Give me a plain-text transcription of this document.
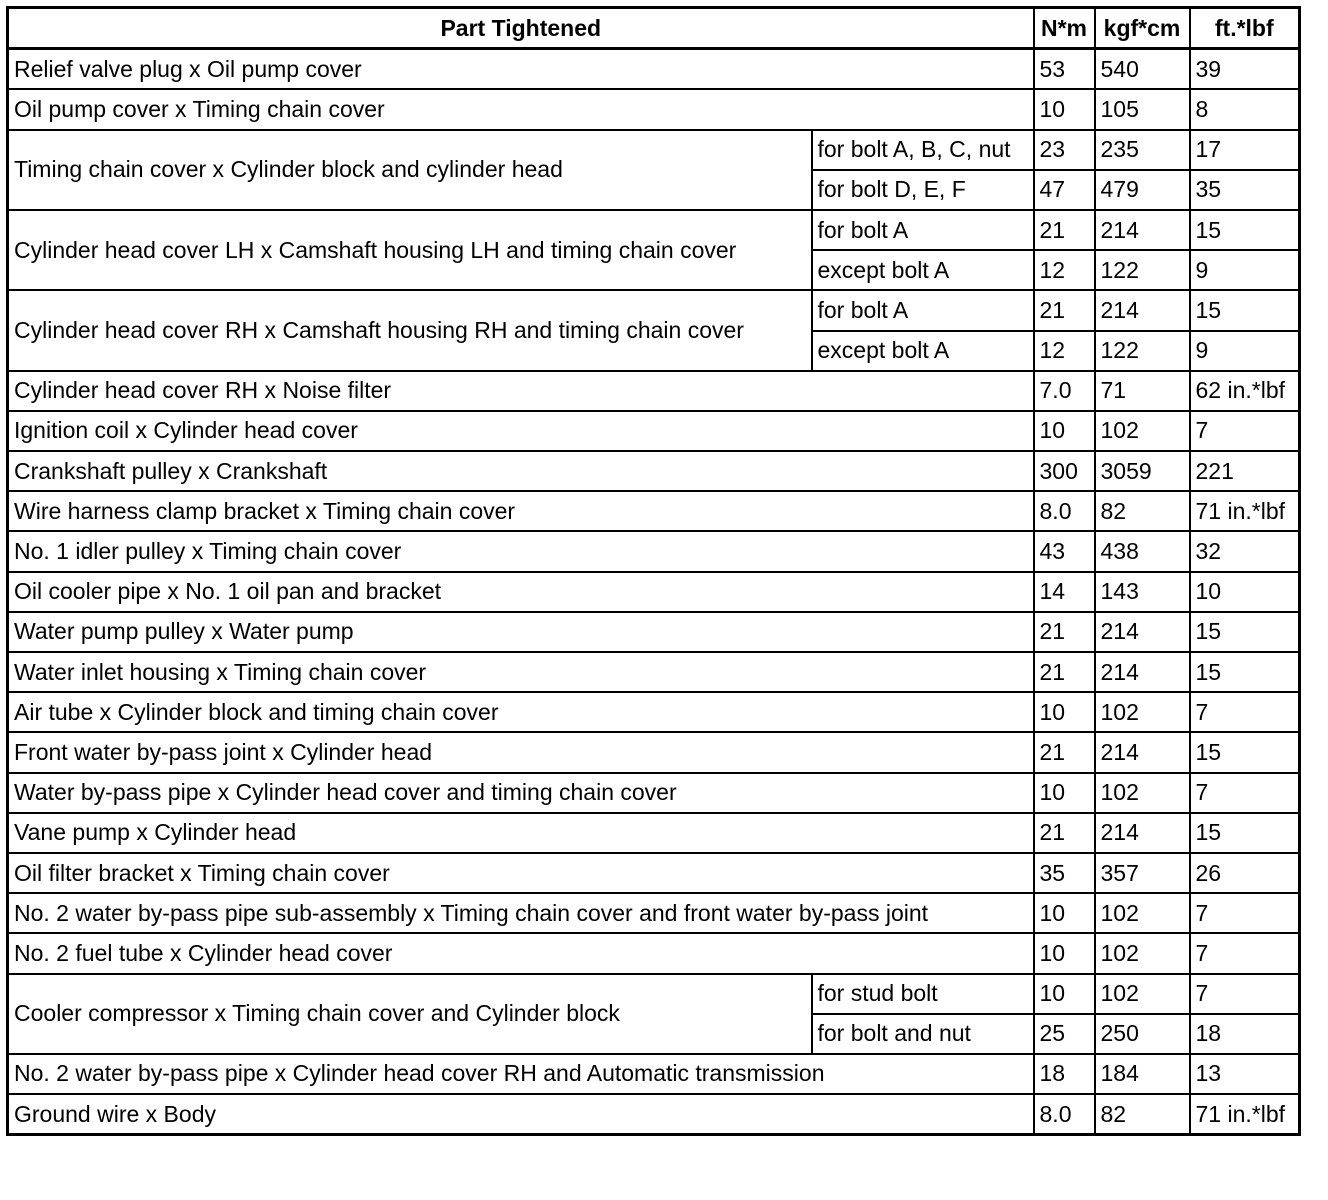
Part Tightened		N*m	kgf*cm	ft.*lbf
Relief valve plug x Oil pump cover		53	540	39
Oil pump cover x Timing chain cover		10	105	8
Timing chain cover x Cylinder block and cylinder head	for bolt A, B, C, nut	23	235	17
	for bolt D, E, F	47	479	35
Cylinder head cover LH x Camshaft housing LH and timing chain cover	for bolt A	21	214	15
	except bolt A	12	122	9
Cylinder head cover RH x Camshaft housing RH and timing chain cover	for bolt A	21	214	15
	except bolt A	12	122	9
Cylinder head cover RH x Noise filter		7.0	71	62 in.*lbf
Ignition coil x Cylinder head cover		10	102	7
Crankshaft pulley x Crankshaft		300	3059	221
Wire harness clamp bracket x Timing chain cover		8.0	82	71 in.*lbf
No. 1 idler pulley x Timing chain cover		43	438	32
Oil cooler pipe x No. 1 oil pan and bracket		14	143	10
Water pump pulley x Water pump		21	214	15
Water inlet housing x Timing chain cover		21	214	15
Air tube x Cylinder block and timing chain cover		10	102	7
Front water by-pass joint x Cylinder head		21	214	15
Water by-pass pipe x Cylinder head cover and timing chain cover		10	102	7
Vane pump x Cylinder head		21	214	15
Oil filter bracket x Timing chain cover		35	357	26
No. 2 water by-pass pipe sub-assembly x Timing chain cover and front water by-pass joint		10	102	7
No. 2 fuel tube x Cylinder head cover		10	102	7
Cooler compressor x Timing chain cover and Cylinder block	for stud bolt	10	102	7
	for bolt and nut	25	250	18
No. 2 water by-pass pipe x Cylinder head cover RH and Automatic transmission		18	184	13
Ground wire x Body		8.0	82	71 in.*lbf
